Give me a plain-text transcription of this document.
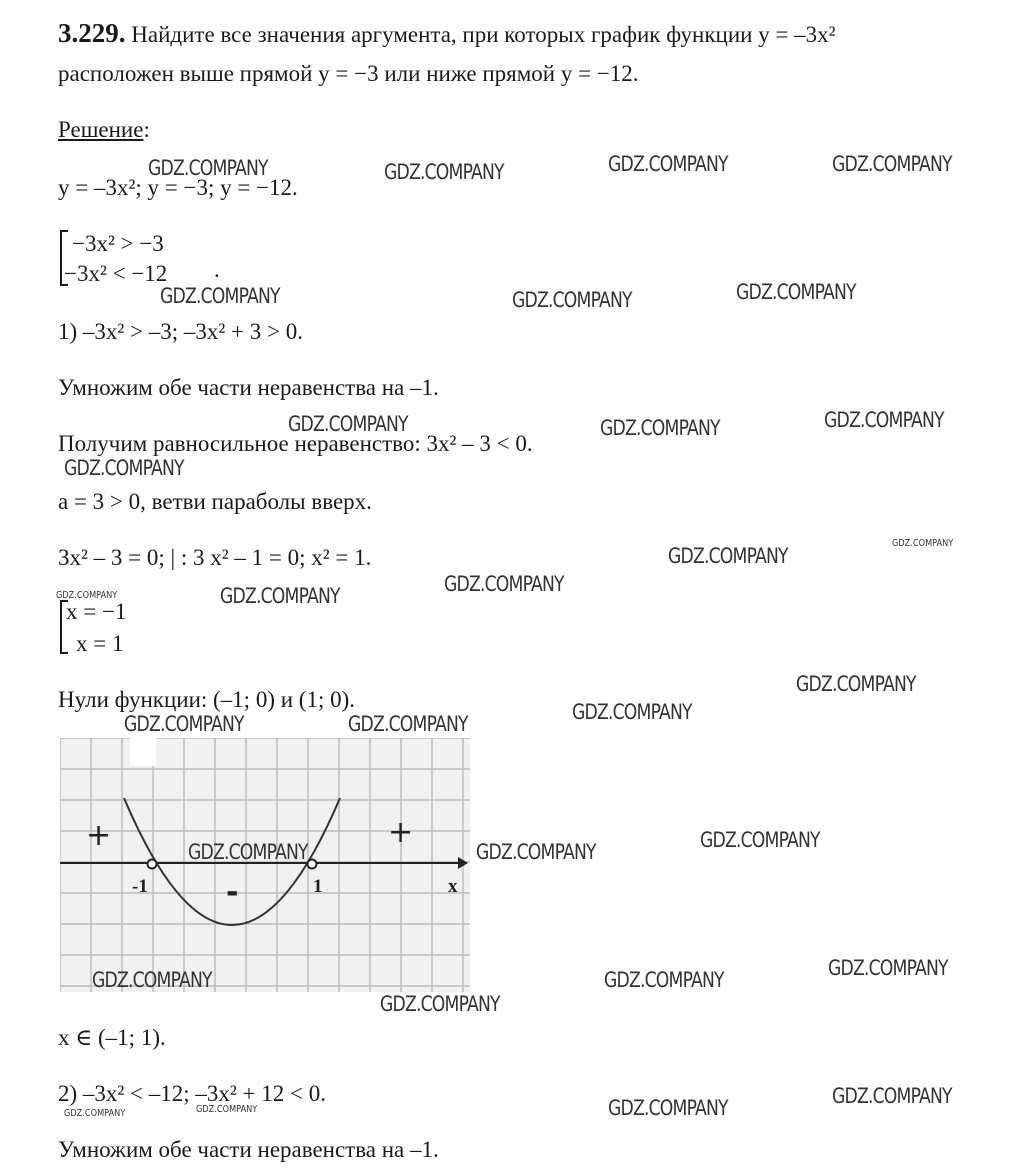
3.229. Найдите все значения аргумента, при которых график функции y = –3x²
расположен выше прямой y = −3 или ниже прямой y = −12.
Решение:
y = –3x²; y = −3; y = −12.
−3x² > −3
−3x² < −12 .
1) –3x² > –3; –3x² + 3 > 0.
Умножим обе части неравенства на –1.
Получим равносильное неравенство: 3x² – 3 < 0.
a = 3 > 0, ветви параболы вверх.
3x² – 3 = 0; | : 3 x² – 1 = 0; x² = 1.
x = −1
x = 1
Нули функции: (–1; 0) и (1; 0).
+	+
-
-1	1	x
x ∈ (–1; 1).
2) –3x² < –12; –3x² + 12 < 0.
Умножим обе части неравенства на –1.
GDZ.COMPANY	GDZ.COMPANY	GDZ.COMPANY	GDZ.COMPANY
GDZ.COMPANY	GDZ.COMPANY	GDZ.COMPANY
GDZ.COMPANY	GDZ.COMPANY	GDZ.COMPANY
GDZ.COMPANY
GDZ.COMPANY
GDZ.COMPANY
GDZ.COMPANY
GDZ.COMPANY	GDZ.COMPANY
GDZ.COMPANY
GDZ.COMPANY
GDZ.COMPANY	GDZ.COMPANY
GDZ.COMPANY
GDZ.COMPANY	GDZ.COMPANY
GDZ.COMPANY
GDZ.COMPANY	GDZ.COMPANY
GDZ.COMPANY
GDZ.COMPANY
GDZ.COMPANY
GDZ.COMPANY	GDZ.COMPANY
